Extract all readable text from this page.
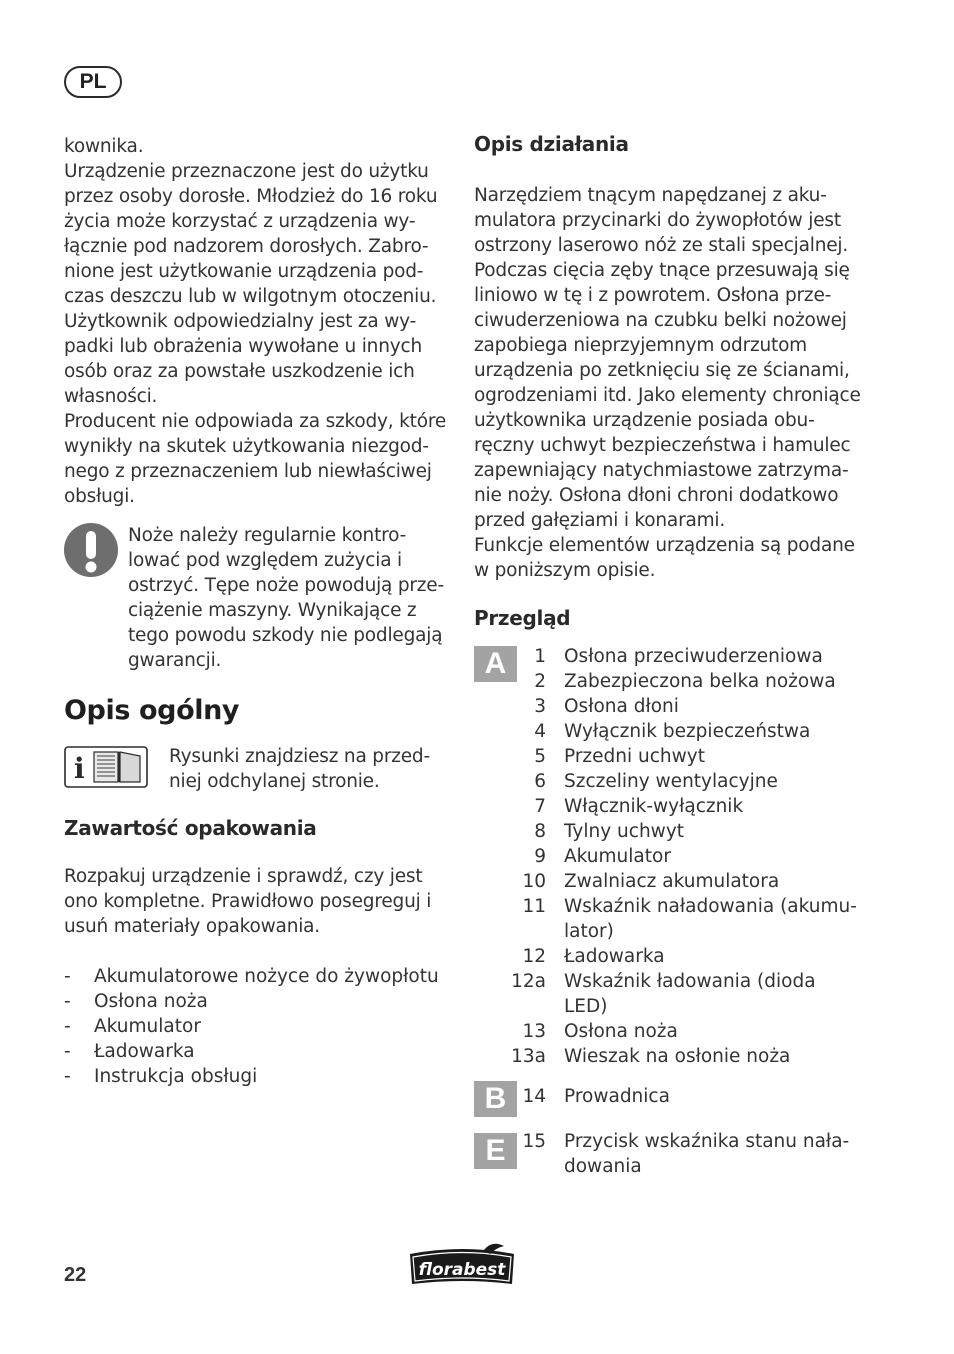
PL
kownika.
Urządzenie przeznaczone jest do użytku
przez osoby dorosłe. Młodzież do 16 roku
życia może korzystać z urządzenia wy-
łącznie pod nadzorem dorosłych. Zabro-
nione jest użytkowanie urządzenia pod-
czas deszczu lub w wilgotnym otoczeniu.
Użytkownik odpowiedzialny jest za wy-
padki lub obrażenia wywołane u innych
osób oraz za powstałe uszkodzenie ich
własności.
Producent nie odpowiada za szkody, które
wynikły na skutek użytkowania niezgod-
nego z przeznaczeniem lub niewłaściwej
obsługi.
Noże należy regularnie kontro-
lować pod względem zużycia i
ostrzyć. Tępe noże powodują prze-
ciążenie maszyny. Wynikające z
tego powodu szkody nie podlegają
gwarancji.
Opis ogólny
i	Rysunki znajdziesz na przed-
niej odchylanej stronie.
Zawartość opakowania
Rozpakuj urządzenie i sprawdź, czy jest
ono kompletne. Prawidłowo posegreguj i
usuń materiały opakowania.
- Akumulatorowe nożyce do żywopłotu
- Osłona noża
- Akumulator
- Ładowarka
- Instrukcja obsługi
Opis działania
Narzędziem tnącym napędzanej z aku-
mulatora przycinarki do żywopłotów jest
ostrzony laserowo nóż ze stali specjalnej.
Podczas cięcia zęby tnące przesuwają się
liniowo w tę i z powrotem. Osłona prze-
ciwuderzeniowa na czubku belki nożowej
zapobiega nieprzyjemnym odrzutom
urządzenia po zetknięciu się ze ścianami,
ogrodzeniami itd. Jako elementy chroniące
użytkownika urządzenie posiada obu-
ręczny uchwyt bezpieczeństwa i hamulec
zapewniający natychmiastowe zatrzyma-
nie noży. Osłona dłoni chroni dodatkowo
przed gałęziami i konarami.
Funkcje elementów urządzenia są podane
w poniższym opisie.
Przegląd
A
B
E
1 Osłona przeciwuderzeniowa
2 Zabezpieczona belka nożowa
3 Osłona dłoni
4 Wyłącznik bezpieczeństwa
5 Przedni uchwyt
6 Szczeliny wentylacyjne
7 Włącznik-wyłącznik
8 Tylny uchwyt
9 Akumulator
10 Zwalniacz akumulatora
11 Wskaźnik naładowania (akumu-
lator)
12 Ładowarka
12a Wskaźnik ładowania (dioda
LED)
13 Osłona noża
13a Wieszak na osłonie noża
14 Prowadnica
15 Przycisk wskaźnika stanu nała-
dowania
22	florabest
